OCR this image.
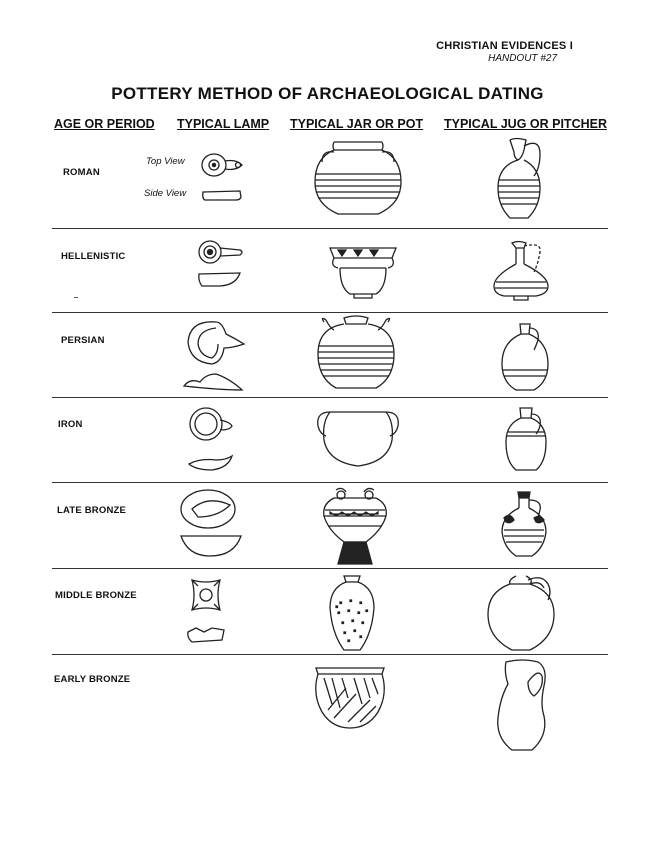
CHRISTIAN EVIDENCES I
HANDOUT #27
POTTERY METHOD OF ARCHAEOLOGICAL DATING
AGE OR PERIOD TYPICAL LAMP TYPICAL JAR OR POT TYPICAL JUG OR PITCHER
ROMAN
HELLENISTIC
PERSIAN
IRON
LATE BRONZE
MIDDLE BRONZE
EARLY BRONZE
Top View
Side View
